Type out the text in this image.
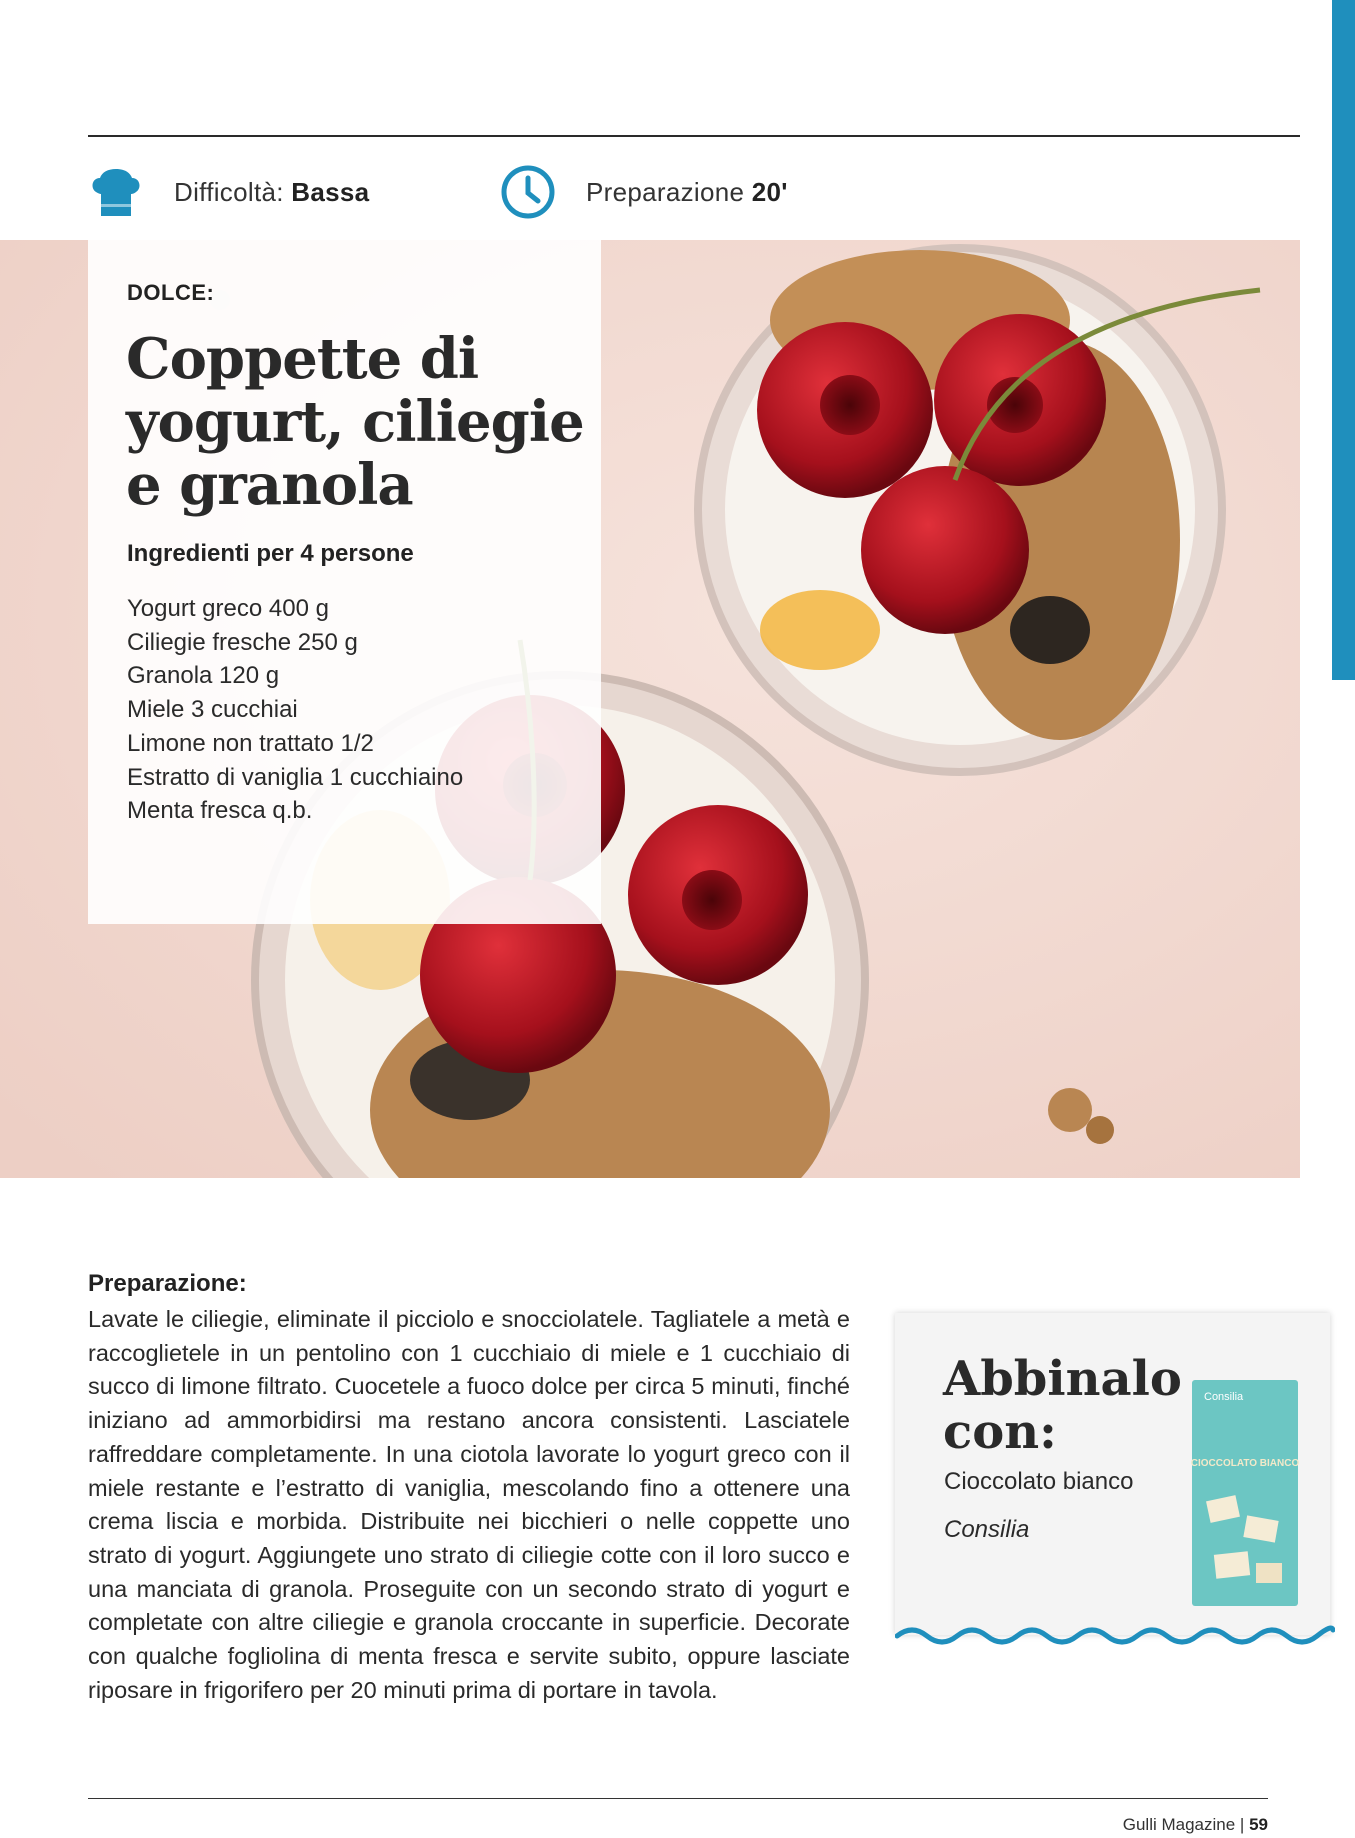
Difficoltà: Bassa	Preparazione 20'
DOLCE:
Coppette di yogurt, ciliegie e granola
Ingredienti per 4 persone
Yogurt greco 400 g
Ciliegie fresche 250 g
Granola 120 g
Miele 3 cucchiai
Limone non trattato 1/2
Estratto di vaniglia 1 cucchiaino
Menta fresca q.b.
Preparazione:

Lavate le ciliegie, eliminate il picciolo e snocciolatele. Tagliatele a metà e raccoglietele in un pentolino con 1 cucchiaio di miele e 1 cucchiaio di succo di limone filtrato. Cuocetele a fuoco dolce per circa 5 minuti, finché iniziano ad ammorbidirsi ma restano ancora consistenti. Lasciatele raffreddare completamente. In una ciotola lavorate lo yogurt greco con il miele restante e l’estratto di vaniglia, mescolando fino a ottenere una crema liscia e morbida. Distribuite nei bicchieri o nelle coppette uno strato di yogurt. Aggiungete uno strato di ciliegie cotte con il loro succo e una manciata di granola. Proseguite con un secondo strato di yogurt e completate con altre ciliegie e granola croccante in superficie. Decorate con qualche fogliolina di menta fresca e servite subito, oppure lasciate riposare in frigorifero per 20 minuti prima di portare in tavola.

Abbinalo con:
Cioccolato bianco
Consilia
Consilia
CIOCCOLATO BIANCO
Gulli Magazine | 59
